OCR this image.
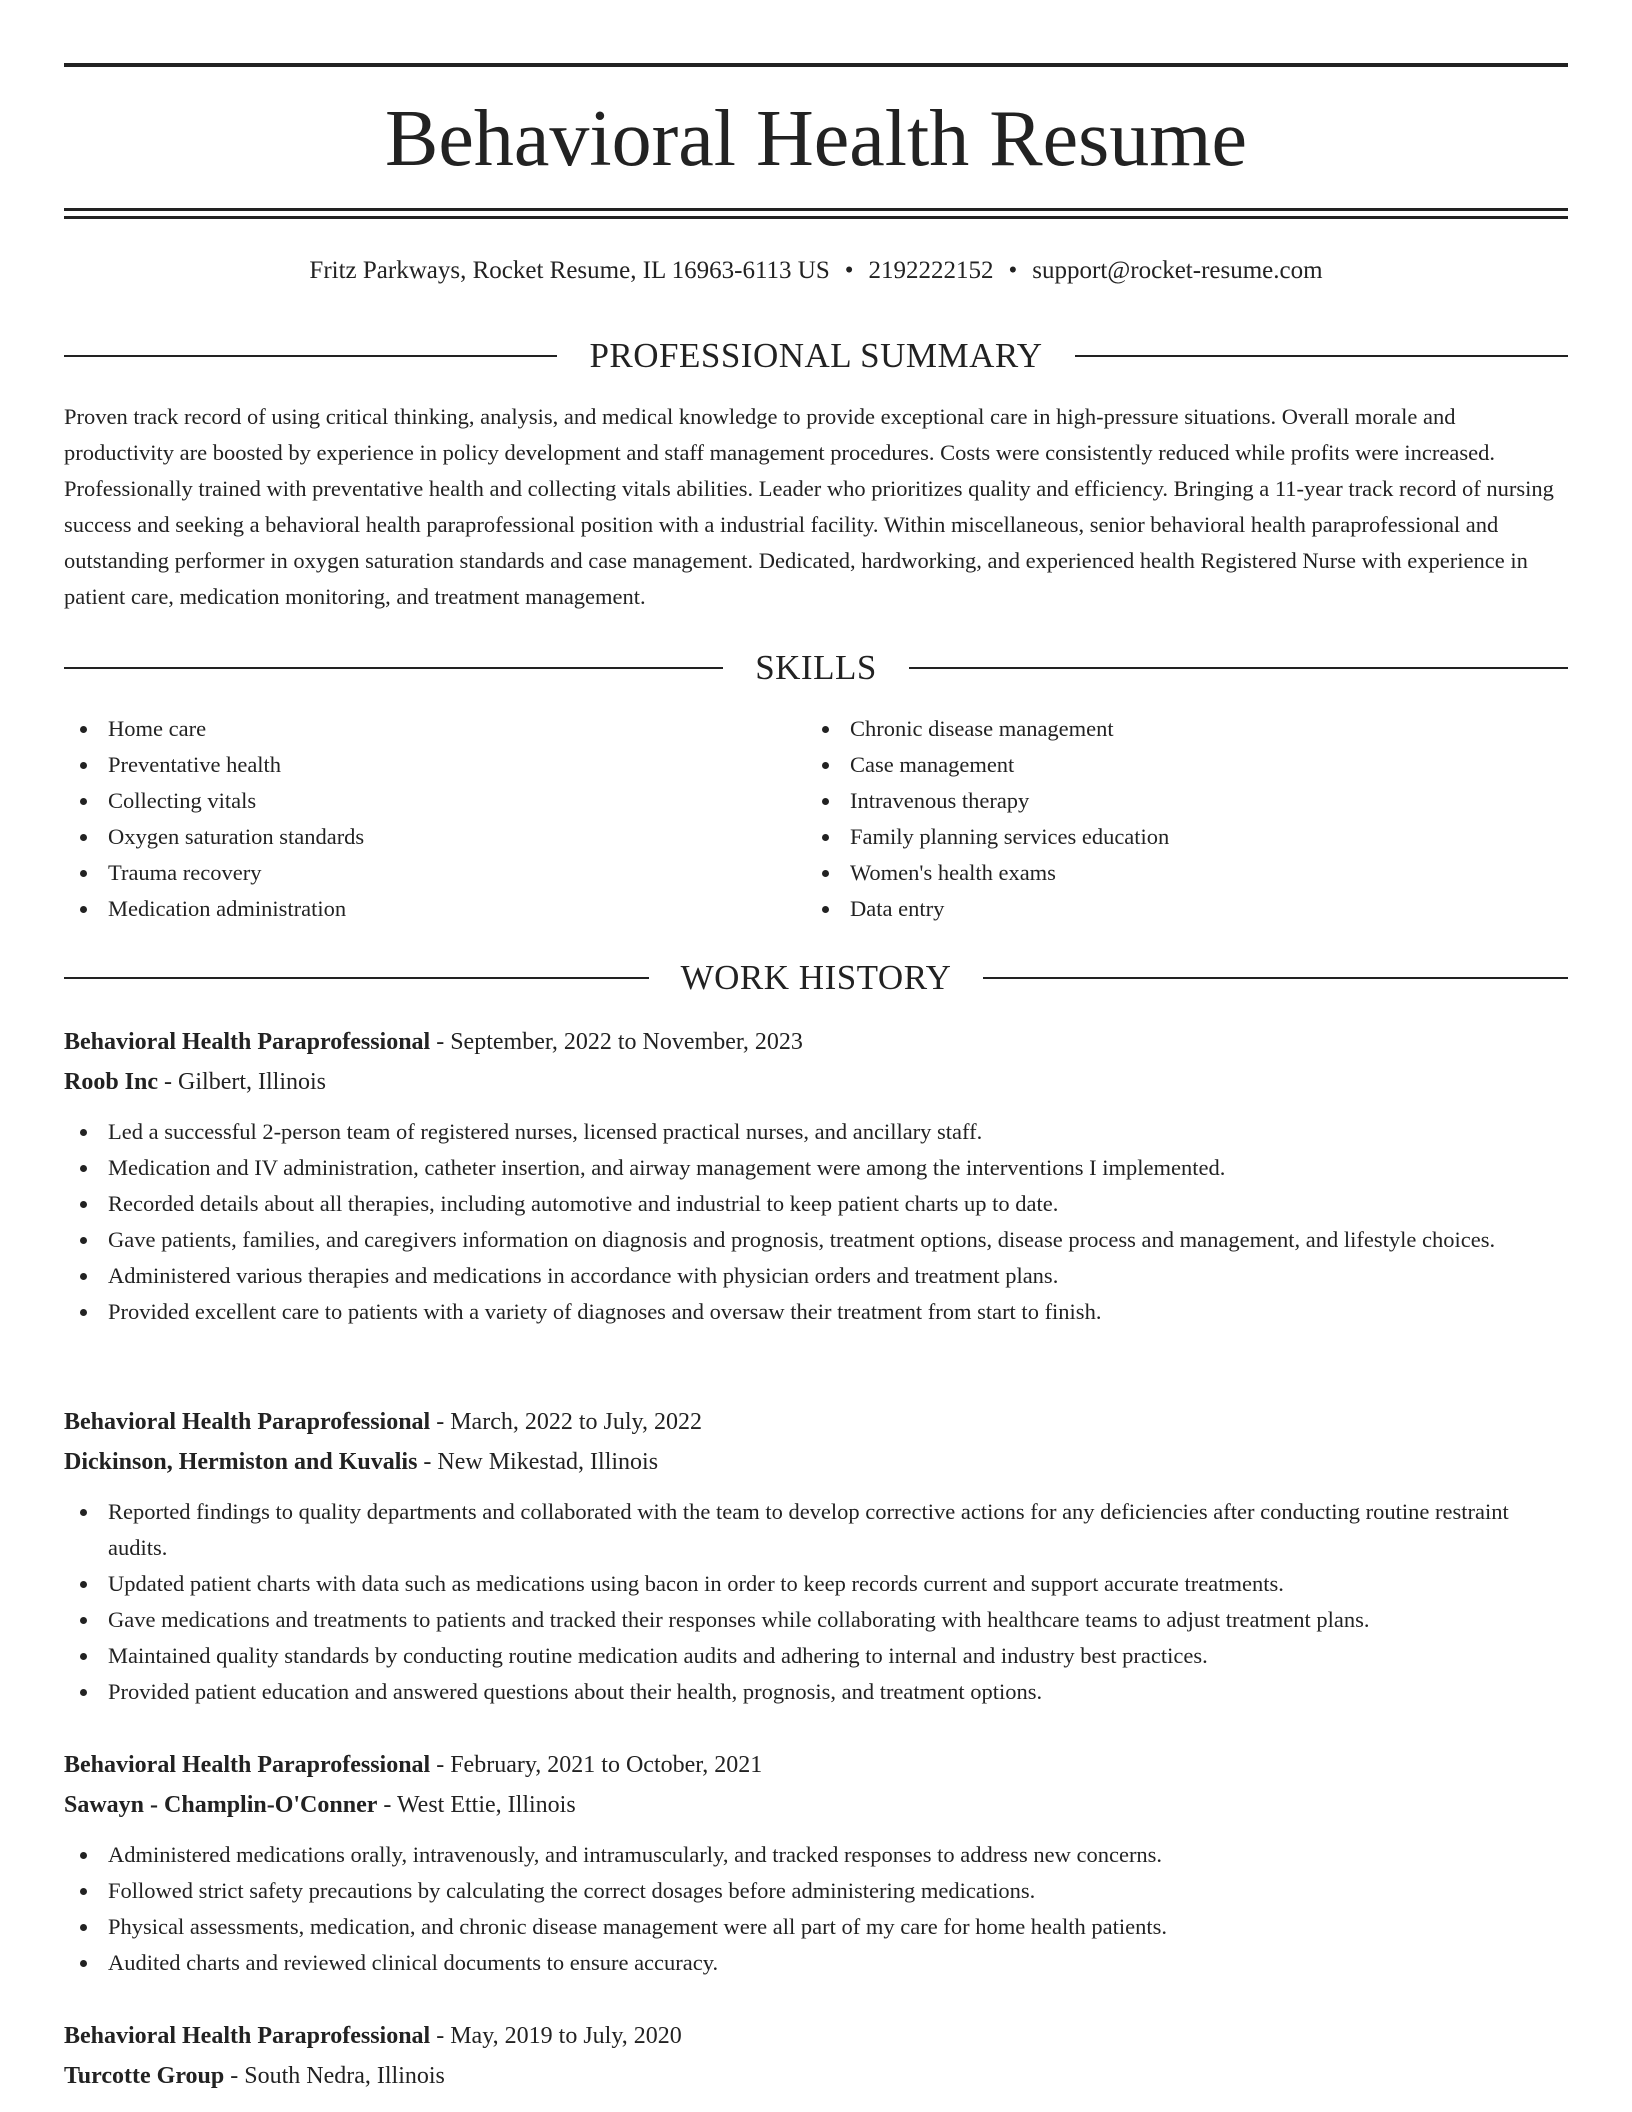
Behavioral Health Resume
Fritz Parkways, Rocket Resume, IL 16963-6113 US • 2192222152 • support@rocket-resume.com
PROFESSIONAL SUMMARY

Proven track record of using critical thinking, analysis, and medical knowledge to provide exceptional care in high-pressure situations. Overall morale and productivity are boosted by experience in policy development and staff management procedures. Costs were consistently reduced while profits were increased. Professionally trained with preventative health and collecting vitals abilities. Leader who prioritizes quality and efficiency. Bringing a 11-year track record of nursing success and seeking a behavioral health paraprofessional position with a industrial facility. Within miscellaneous, senior behavioral health paraprofessional and outstanding performer in oxygen saturation standards and case management. Dedicated, hardworking, and experienced health Registered Nurse with experience in patient care, medication monitoring, and treatment management.

SKILLS
Home care
Preventative health
Collecting vitals
Oxygen saturation standards
Trauma recovery
Medication administration
Chronic disease management
Case management
Intravenous therapy
Family planning services education
Women's health exams
Data entry
WORK HISTORY
Behavioral Health Paraprofessional - September, 2022 to November, 2023
Roob Inc - Gilbert, Illinois
Led a successful 2-person team of registered nurses, licensed practical nurses, and ancillary staff.
Medication and IV administration, catheter insertion, and airway management were among the interventions I implemented.
Recorded details about all therapies, including automotive and industrial to keep patient charts up to date.
Gave patients, families, and caregivers information on diagnosis and prognosis, treatment options, disease process and management, and lifestyle choices.
Administered various therapies and medications in accordance with physician orders and treatment plans.
Provided excellent care to patients with a variety of diagnoses and oversaw their treatment from start to finish.
Behavioral Health Paraprofessional - March, 2022 to July, 2022
Dickinson, Hermiston and Kuvalis - New Mikestad, Illinois
Reported findings to quality departments and collaborated with the team to develop corrective actions for any deficiencies after conducting routine restraint audits.
Updated patient charts with data such as medications using bacon in order to keep records current and support accurate treatments.
Gave medications and treatments to patients and tracked their responses while collaborating with healthcare teams to adjust treatment plans.
Maintained quality standards by conducting routine medication audits and adhering to internal and industry best practices.
Provided patient education and answered questions about their health, prognosis, and treatment options.
Behavioral Health Paraprofessional - February, 2021 to October, 2021
Sawayn - Champlin-O'Conner - West Ettie, Illinois
Administered medications orally, intravenously, and intramuscularly, and tracked responses to address new concerns.
Followed strict safety precautions by calculating the correct dosages before administering medications.
Physical assessments, medication, and chronic disease management were all part of my care for home health patients.
Audited charts and reviewed clinical documents to ensure accuracy.
Behavioral Health Paraprofessional - May, 2019 to July, 2020
Turcotte Group - South Nedra, Illinois
